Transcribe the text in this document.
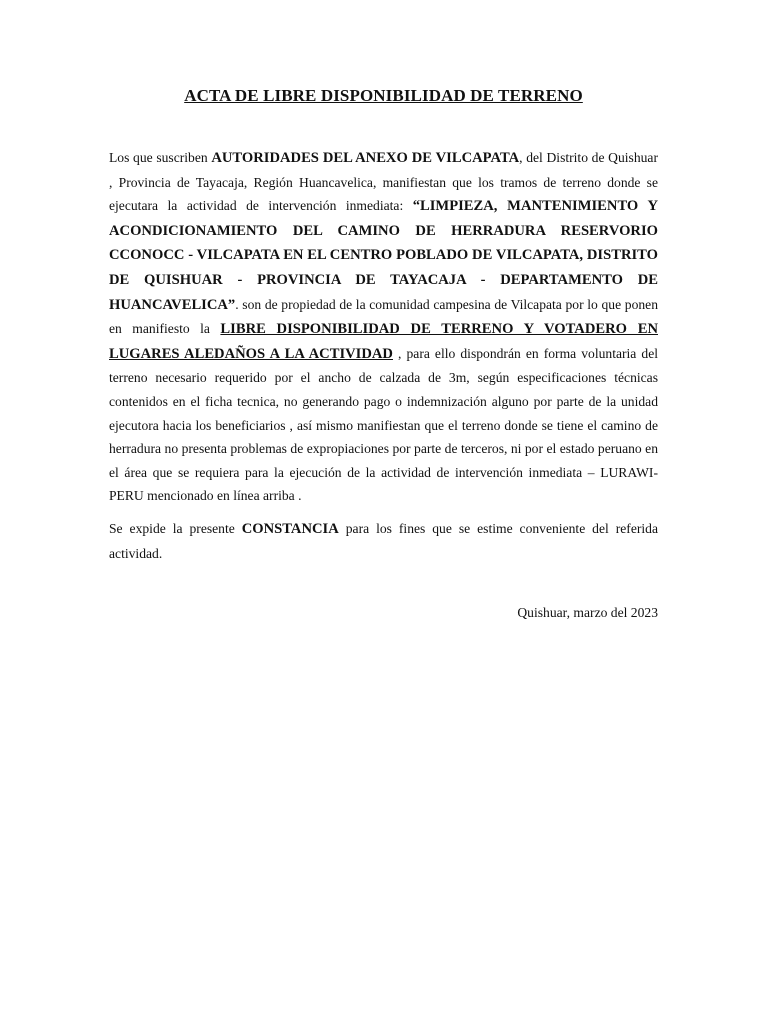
ACTA DE LIBRE DISPONIBILIDAD DE TERRENO

Los que suscriben AUTORIDADES DEL ANEXO DE VILCAPATA, del Distrito de Quishuar , Provincia de Tayacaja, Región Huancavelica, manifiestan que los tramos de terreno donde se ejecutara la actividad de intervención inmediata: “LIMPIEZA, MANTENIMIENTO Y ACONDICIONAMIENTO DEL CAMINO DE HERRADURA RESERVORIO CCONOCC - VILCAPATA EN EL CENTRO POBLADO DE VILCAPATA, DISTRITO DE QUISHUAR - PROVINCIA DE TAYACAJA - DEPARTAMENTO DE HUANCAVELICA”. son de propiedad de la comunidad campesina de Vilcapata por lo que ponen en manifiesto la LIBRE DISPONIBILIDAD DE TERRENO Y VOTADERO EN LUGARES ALEDAÑOS A LA ACTIVIDAD , para ello dispondrán en forma voluntaria del terreno necesario requerido por el ancho de calzada de 3m, según especificaciones técnicas contenidos en el ficha tecnica, no generando pago o indemnización alguno por parte de la unidad ejecutora hacia los beneficiarios , así mismo manifiestan que el terreno donde se tiene el camino de herradura no presenta problemas de expropiaciones por parte de terceros, ni por el estado peruano en el área que se requiera para la ejecución de la actividad de intervención inmediata – LURAWI- PERU mencionado en línea arriba .

Se expide la presente CONSTANCIA para los fines que se estime conveniente del referida actividad.

Quishuar, marzo del 2023
